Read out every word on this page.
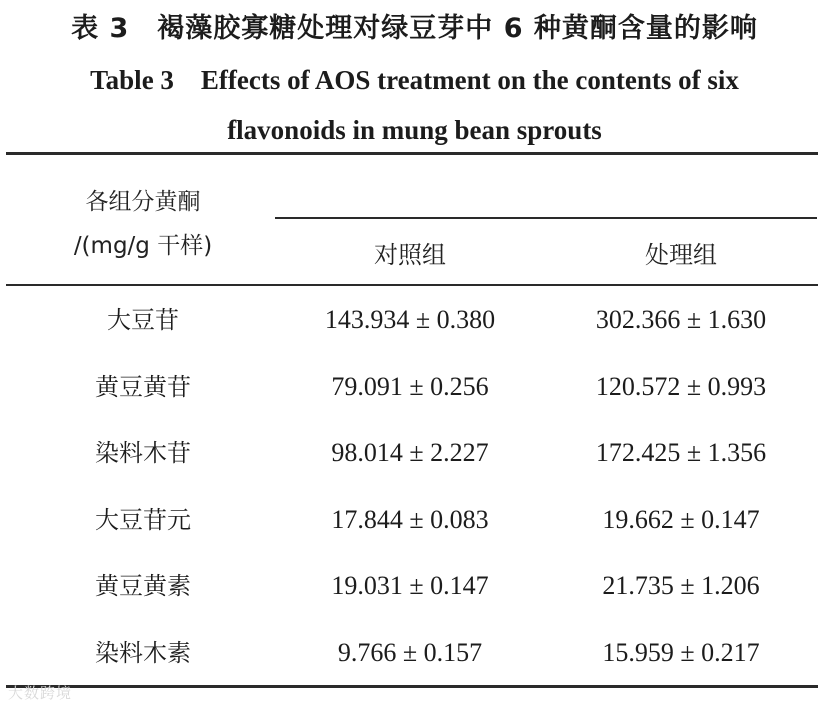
表 3　褐藻胶寡糖处理对绿豆芽中 6 种黄酮含量的影响
Table 3　Effects of AOS treatment on the contents of six
flavonoids in mung bean sprouts
各组分黄酮
/(mg/g 干样)	对照组	处理组
大豆苷	143.934 ± 0.380	302.366 ± 1.630
黄豆黄苷	79.091 ± 0.256	120.572 ± 0.993
染料木苷	98.014 ± 2.227	172.425 ± 1.356
大豆苷元	17.844 ± 0.083	19.662 ± 0.147
黄豆黄素	19.031 ± 0.147	21.735 ± 1.206
染料木素	9.766 ± 0.157	15.959 ± 0.217
大数跨境
